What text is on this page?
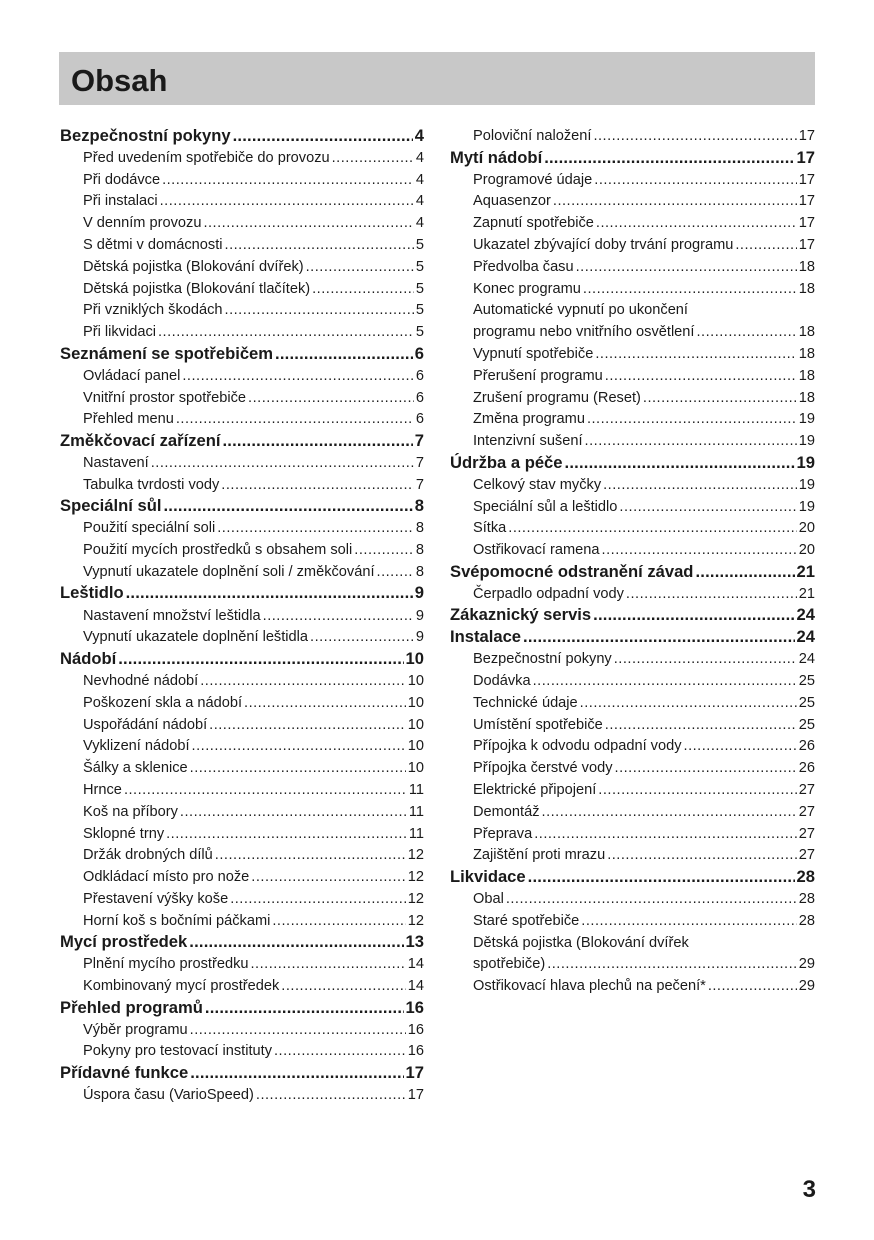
Obsah
Bezpečnostní pokyny .....	4
Před uvedením spotřebiče do provozu .....	4
Při dodávce .....	4
Při instalaci .....	4
V denním provozu .....	4
S dětmi v domácnosti .....	5
Dětská pojistka (Blokování dvířek) .....	5
Dětská pojistka (Blokování tlačítek) .....	5
Při vzniklých škodách .....	5
Při likvidaci .....	5
Seznámení se spotřebičem .....	6
Ovládací panel .....	6
Vnitřní prostor spotřebiče .....	6
Přehled menu .....	6
Změkčovací zařízení .....	7
Nastavení .....	7
Tabulka tvrdosti vody .....	7
Speciální sůl .....	8
Použití speciální soli .....	8
Použití mycích prostředků s obsahem soli .....	8
Vypnutí ukazatele doplnění soli / změkčování .....	8
Leštidlo .....	9
Nastavení množství leštidla .....	9
Vypnutí ukazatele doplnění leštidla .....	9
Nádobí .....	10
Nevhodné nádobí .....	10
Poškození skla a nádobí .....	10
Uspořádání nádobí .....	10
Vyklizení nádobí .....	10
Šálky a sklenice .....	10
Hrnce .....	11
Koš na příbory .....	11
Sklopné trny .....	11
Držák drobných dílů .....	12
Odkládací místo pro nože .....	12
Přestavení výšky koše .....	12
Horní koš s bočními páčkami .....	12
Mycí prostředek .....	13
Plnění mycího prostředku .....	14
Kombinovaný mycí prostředek .....	14
Přehled programů .....	16
Výběr programu .....	16
Pokyny pro testovací instituty .....	16
Přídavné funkce .....	17
Úspora času (VarioSpeed) .....	17
Poloviční naložení .....	17
Mytí nádobí .....	17
Programové údaje .....	17
Aquasenzor .....	17
Zapnutí spotřebiče .....	17
Ukazatel zbývající doby trvání programu .....	17
Předvolba času .....	18
Konec programu .....	18
Automatické vypnutí po ukončení
programu nebo vnitřního osvětlení .....	18
Vypnutí spotřebiče .....	18
Přerušení programu .....	18
Zrušení programu (Reset) .....	18
Změna programu .....	19
Intenzivní sušení .....	19
Údržba a péče .....	19
Celkový stav myčky .....	19
Speciální sůl a leštidlo .....	19
Sítka .....	20
Ostřikovací ramena .....	20
Svépomocné odstranění závad .....	21
Čerpadlo odpadní vody .....	21
Zákaznický servis .....	24
Instalace .....	24
Bezpečnostní pokyny .....	24
Dodávka .....	25
Technické údaje .....	25
Umístění spotřebiče .....	25
Přípojka k odvodu odpadní vody .....	26
Přípojka čerstvé vody .....	26
Elektrické připojení .....	27
Demontáž .....	27
Přeprava .....	27
Zajištění proti mrazu .....	27
Likvidace .....	28
Obal .....	28
Staré spotřebiče .....	28
Dětská pojistka (Blokování dvířek
spotřebiče) .....	29
Ostřikovací hlava plechů na pečení* .....	29
3
